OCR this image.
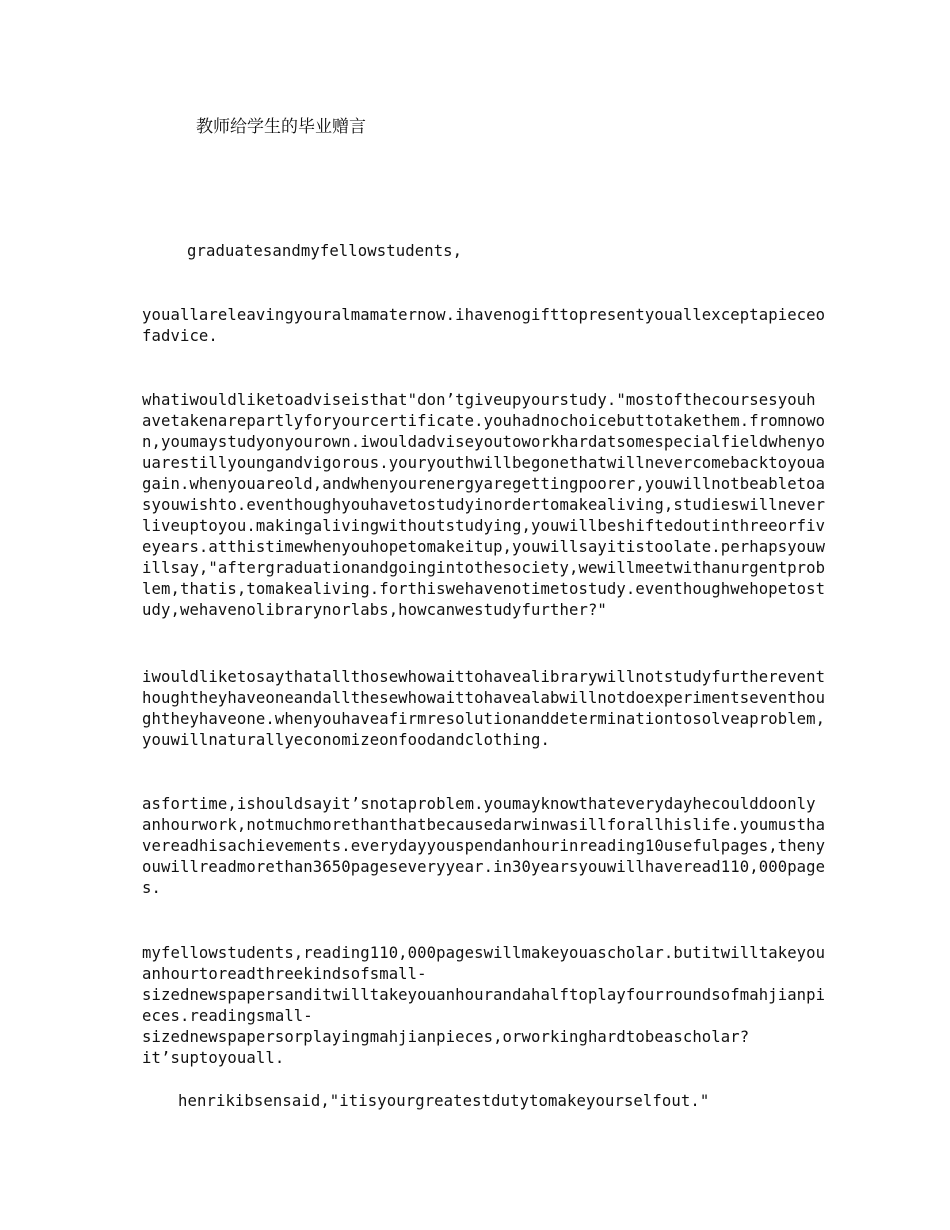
教师给学生的毕业赠言
graduatesandmyfellowstudents,
youallareleavingyouralmamaternow.ihavenogifttopresentyouallexceptapieceo
fadvice.
whatiwouldliketoadviseisthat"don’tgiveupyourstudy."mostofthecoursesyouh
avetakenarepartlyforyourcertificate.youhadnochoicebuttotakethem.fromnowo
n,youmaystudyonyourown.iwouldadviseyoutoworkhardatsomespecialfieldwhenyo
uarestillyoungandvigorous.youryouthwillbegonethatwillnevercomebacktoyoua
gain.whenyouareold,andwhenyourenergyaregettingpoorer,youwillnotbeabletoa
syouwishto.eventhoughyouhavetostudyinordertomakealiving,studieswillnever
liveuptoyou.makingalivingwithoutstudying,youwillbeshiftedoutinthreeorfiv
eyears.atthistimewhenyouhopetomakeitup,youwillsayitistoolate.perhapsyouw
illsay,"aftergraduationandgoingintothesociety,wewillmeetwithanurgentprob
lem,thatis,tomakealiving.forthiswehavenotimetostudy.eventhoughwehopetost
udy,wehavenolibrarynorlabs,howcanwestudyfurther?"
iwouldliketosaythatallthosewhowaittohavealibrarywillnotstudyfurtherevent
houghtheyhaveoneandallthesewhowaittohavealabwillnotdoexperimentseventhou
ghtheyhaveone.whenyouhaveafirmresolutionanddeterminationtosolveaproblem,
youwillnaturallyeconomizeonfoodandclothing.
asfortime,ishouldsayit’snotaproblem.youmayknowthateverydayhecoulddoonly
anhourwork,notmuchmorethanthatbecausedarwinwasillforallhislife.youmustha
vereadhisachievements.everydayyouspendanhourinreading10usefulpages,theny
ouwillreadmorethan3650pageseveryyear.in30yearsyouwillhaveread110,000page
s.
myfellowstudents,reading110,000pageswillmakeyouascholar.butitwilltakeyou
anhourtoreadthreekindsofsmall-
sizednewspapersanditwilltakeyouanhourandahalftoplayfourroundsofmahjianpi
eces.readingsmall-
sizednewspapersorplayingmahjianpieces,orworkinghardtobeascholar?
it’suptoyouall.
henrikibsensaid,"itisyourgreatestdutytomakeyourselfout."
